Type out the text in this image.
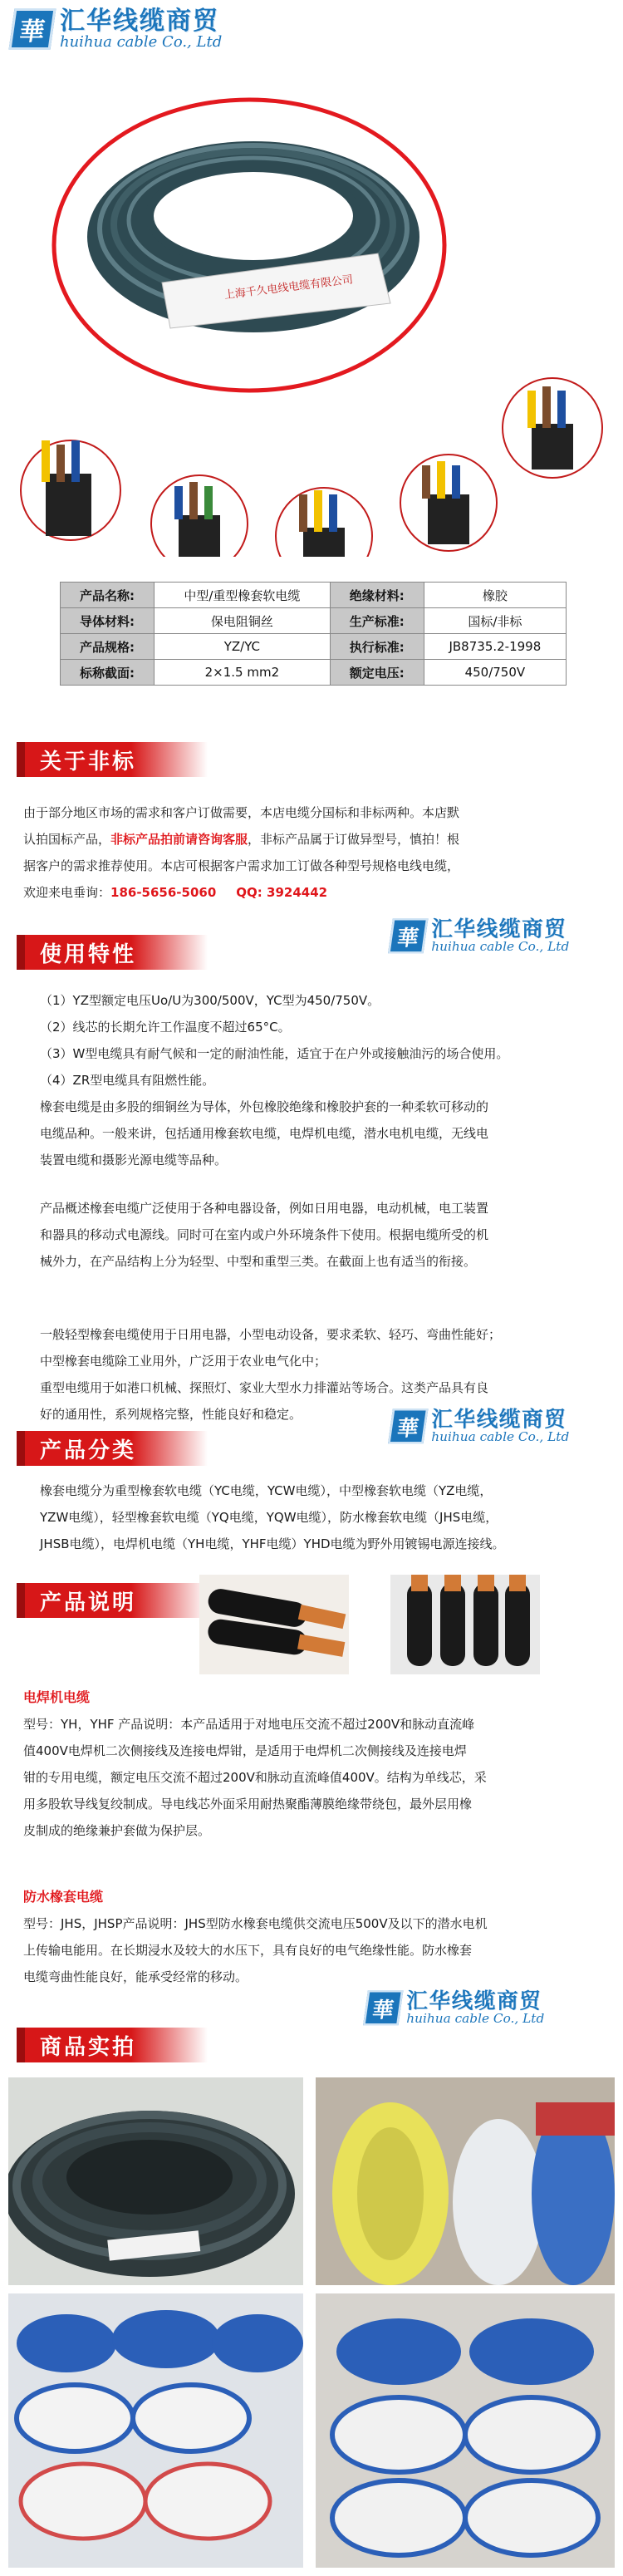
華 汇华线缆商贸
huihua cable Co., Ltd
上海千久电线电缆有限公司
产品名称:	中型/重型橡套软电缆	绝缘材料:	橡胶
导体材料:	保电阻铜丝	生产标准:	国标/非标
产品规格:	YZ/YC	执行标准:	JB8735.2-1998
标称截面:	2×1.5 mm2	额定电压:	450/750V
关于非标
由于部分地区市场的需求和客户订做需要，本店电缆分国标和非标两种。本店默
认拍国标产品，非标产品拍前请咨询客服，非标产品属于订做异型号，慎拍！根
据客户的需求推荐使用。本店可根据客户需求加工订做各种型号规格电线电缆，
欢迎来电垂询：186-5656-5060 QQ: 3924442
使用特性
華 汇华线缆商贸
huihua cable Co., Ltd
（1）YZ型额定电压Uo/U为300/500V，YC型为450/750V。
（2）线芯的长期允许工作温度不超过65°C。
（3）W型电缆具有耐气候和一定的耐油性能，适宜于在户外或接触油污的场合使用。
（4）ZR型电缆具有阻燃性能。
橡套电缆是由多股的细铜丝为导体，外包橡胶绝缘和橡胶护套的一种柔软可移动的
电缆品种。一般来讲，包括通用橡套软电缆，电焊机电缆，潜水电机电缆，无线电
装置电缆和摄影光源电缆等品种。
产品概述橡套电缆广泛使用于各种电器设备，例如日用电器，电动机械，电工装置
和器具的移动式电源线。同时可在室内或户外环境条件下使用。根据电缆所受的机
械外力，在产品结构上分为轻型、中型和重型三类。在截面上也有适当的衔接。
一般轻型橡套电缆使用于日用电器，小型电动设备，要求柔软、轻巧、弯曲性能好；
中型橡套电缆除工业用外，广泛用于农业电气化中；
重型电缆用于如港口机械、探照灯、家业大型水力排灌站等场合。这类产品具有良
好的通用性，系列规格完整，性能良好和稳定。
产品分类
華 汇华线缆商贸
huihua cable Co., Ltd
橡套电缆分为重型橡套软电缆（YC电缆，YCW电缆），中型橡套软电缆（YZ电缆，
YZW电缆），轻型橡套软电缆（YQ电缆，YQW电缆），防水橡套软电缆（JHS电缆，
JHSB电缆），电焊机电缆（YH电缆，YHF电缆）YHD电缆为野外用镀锡电源连接线。
产品说明
电焊机电缆
型号：YH，YHF 产品说明：本产品适用于对地电压交流不超过200V和脉动直流峰
值400V电焊机二次侧接线及连接电焊钳，是适用于电焊机二次侧接线及连接电焊
钳的专用电缆，额定电压交流不超过200V和脉动直流峰值400V。结构为单线芯，采
用多股软导线复绞制成。导电线芯外面采用耐热聚酯薄膜绝缘带绕包，最外层用橡
皮制成的绝缘兼护套做为保护层。
防水橡套电缆
型号：JHS，JHSP产品说明：JHS型防水橡套电缆供交流电压500V及以下的潜水电机
上传输电能用。在长期浸水及较大的水压下，具有良好的电气绝缘性能。防水橡套
电缆弯曲性能良好，能承受经常的移动。
華 汇华线缆商贸
huihua cable Co., Ltd
商品实拍
